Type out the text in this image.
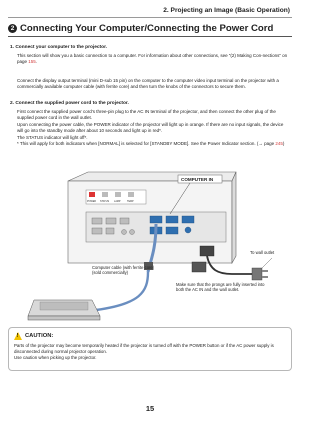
2. Projecting an Image (Basic Operation)
2 Connecting Your Computer/Connecting the Power Cord
1. Connect your computer to the projector.
This section will show you a basic connection to a computer. For information about other connections, see “(2) Making Con-nections” on page 155.
Connect the display output terminal (mini D-sub 15 pin) on the computer to the computer video input terminal on the projector with a commercially available computer cable (with ferrite core) and then turn the knobs of the connectors to secure them.
2. Connect the supplied power cord to the projector.
First connect the supplied power cord’s three-pin plug to the AC IN terminal of the projector, and then connect the other plug of the supplied power cord in the wall outlet.
Upon connecting the power cable, the POWER indicator of the projector will light up in orange. If there are no input signals, the device will go into the standby mode after about 10 seconds and light up in red*.
The STATUS indicator will light off*.
* This will apply for both indicators when [NORMAL] is selected for [STANDBY MODE]. See the Power Indicator section. (→ page 245)
POWER STATUS LAMP	TEMP
COMPUTER IN
To wall outlet
Computer cable (with ferrite core)
(sold commercially)
Make sure that the prongs are fully inserted into
both the AC IN and the wall outlet.
! CAUTION:
Parts of the projector may become temporarily heated if the projector is turned off with the POWER button or if the AC power supply is disconnected during normal projector operation.
Use caution when picking up the projector.
15
